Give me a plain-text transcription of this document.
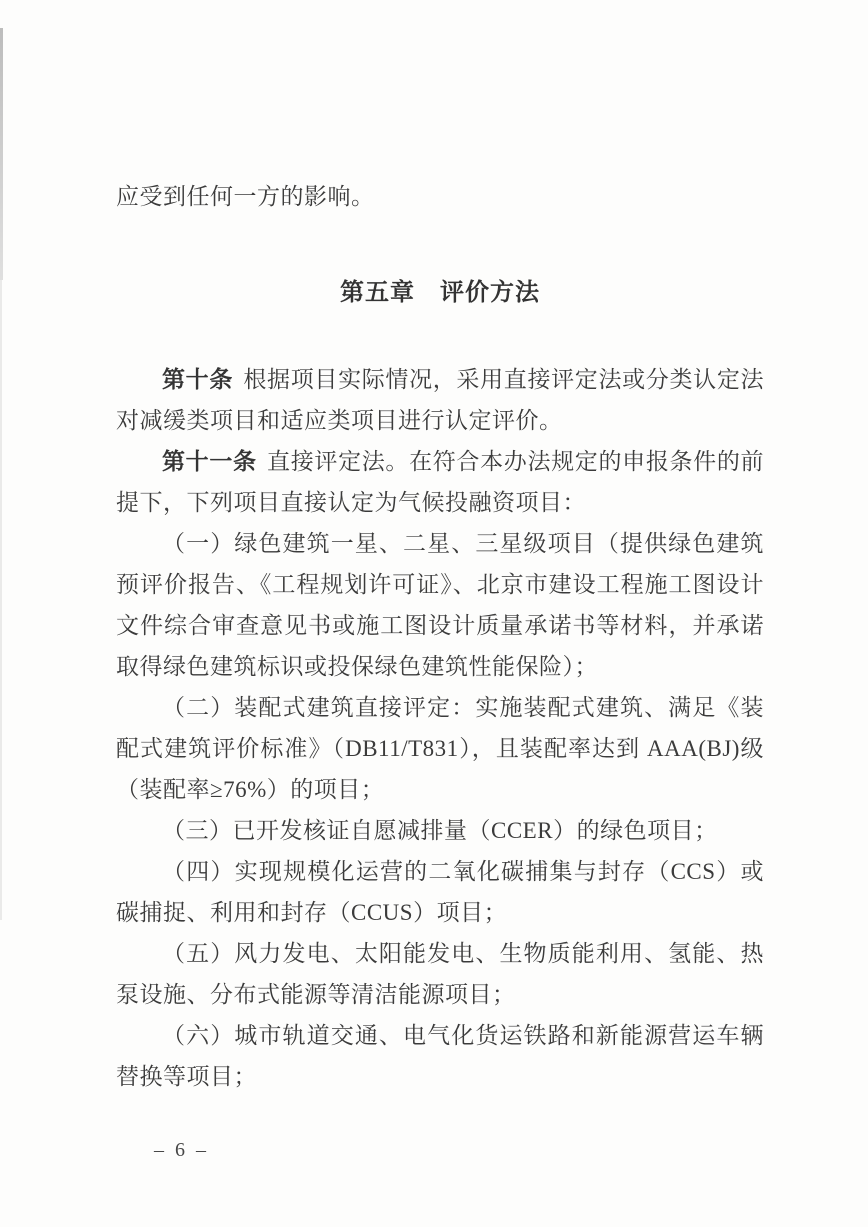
应受到任何一方的影响。

第五章　评价方法

第十条 根据项目实际情况，采用直接评定法或分类认定法对减缓类项目和适应类项目进行认定评价。

第十一条 直接评定法。在符合本办法规定的申报条件的前提下，下列项目直接认定为气候投融资项目：

（一）绿色建筑一星、二星、三星级项目（提供绿色建筑预评价报告、《工程规划许可证》、北京市建设工程施工图设计文件综合审查意见书或施工图设计质量承诺书等材料，并承诺取得绿色建筑标识或投保绿色建筑性能保险）；

（二）装配式建筑直接评定：实施装配式建筑、满足《装配式建筑评价标准》（DB11/T831），且装配率达到 AAA(BJ)级（装配率≥76%）的项目；

（三）已开发核证自愿减排量（CCER）的绿色项目；

（四）实现规模化运营的二氧化碳捕集与封存（CCS）或碳捕捉、利用和封存（CCUS）项目；

（五）风力发电、太阳能发电、生物质能利用、氢能、热泵设施、分布式能源等清洁能源项目；

（六）城市轨道交通、电气化货运铁路和新能源营运车辆替换等项目；

– 6 –
